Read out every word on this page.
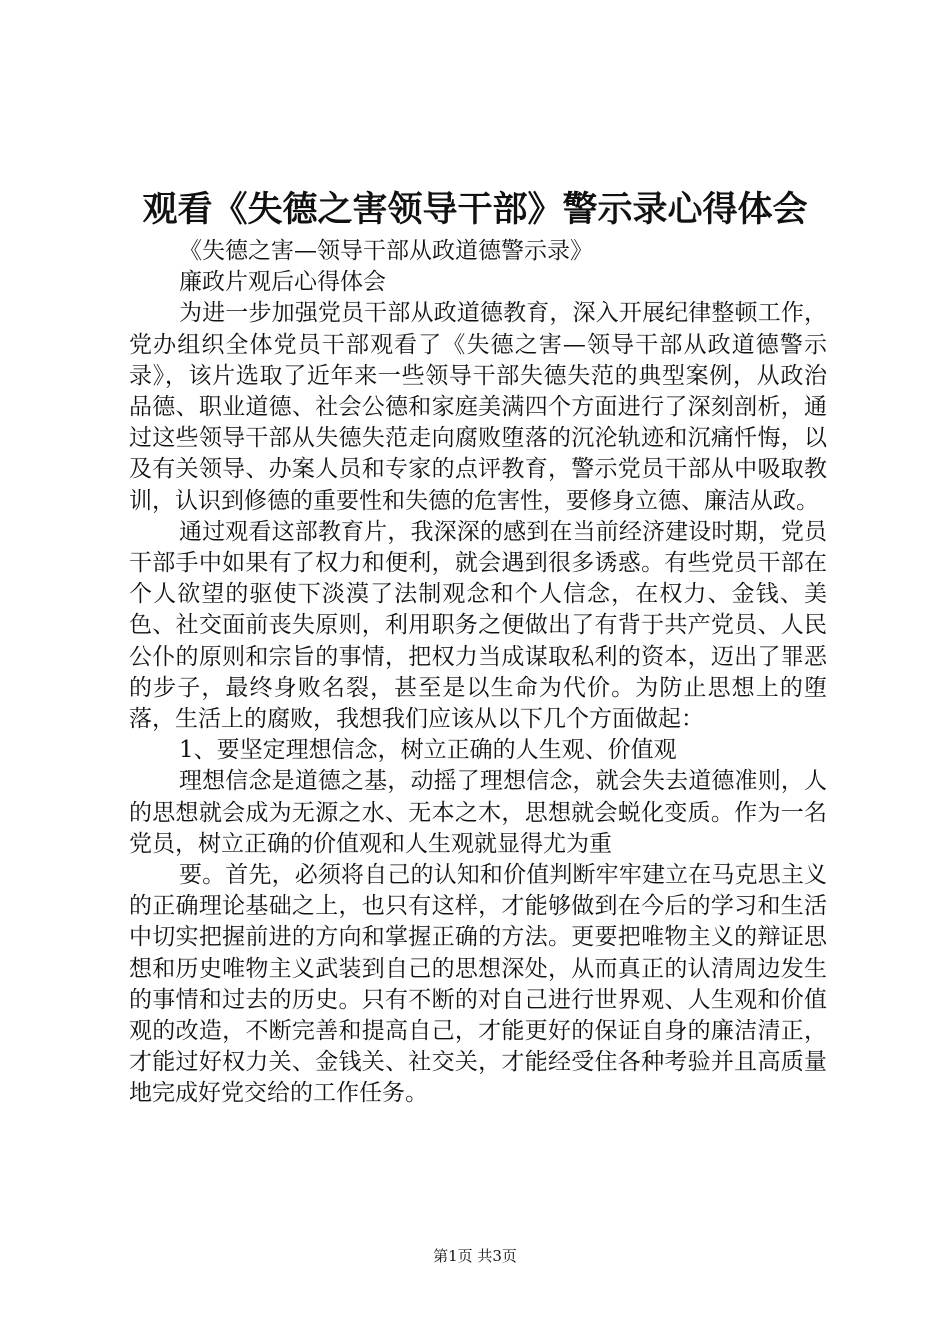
观看《失德之害领导干部》警示录心得体会

《失德之害—领导干部从政道德警示录》

廉政片观后心得体会

为进一步加强党员干部从政道德教育，深入开展纪律整顿工作，党办组织全体党员干部观看了《失德之害—领导干部从政道德警示录》，该片选取了近年来一些领导干部失德失范的典型案例，从政治品德、职业道德、社会公德和家庭美满四个方面进行了深刻剖析，通过这些领导干部从失德失范走向腐败堕落的沉沦轨迹和沉痛忏悔，以及有关领导、办案人员和专家的点评教育，警示党员干部从中吸取教训，认识到修德的重要性和失德的危害性，要修身立德、廉洁从政。

通过观看这部教育片，我深深的感到在当前经济建设时期，党员干部手中如果有了权力和便利，就会遇到很多诱惑。有些党员干部在个人欲望的驱使下淡漠了法制观念和个人信念，在权力、金钱、美色、社交面前丧失原则，利用职务之便做出了有背于共产党员、人民公仆的原则和宗旨的事情，把权力当成谋取私利的资本，迈出了罪恶的步子，最终身败名裂，甚至是以生命为代价。为防止思想上的堕落，生活上的腐败，我想我们应该从以下几个方面做起：

1、要坚定理想信念，树立正确的人生观、价值观

理想信念是道德之基，动摇了理想信念，就会失去道德准则，人的思想就会成为无源之水、无本之木，思想就会蜕化变质。作为一名党员，树立正确的价值观和人生观就显得尤为重

要。首先，必须将自己的认知和价值判断牢牢建立在马克思主义的正确理论基础之上，也只有这样，才能够做到在今后的学习和生活中切实把握前进的方向和掌握正确的方法。更要把唯物主义的辩证思想和历史唯物主义武装到自己的思想深处，从而真正的认清周边发生的事情和过去的历史。只有不断的对自己进行世界观、人生观和价值观的改造，不断完善和提高自己，才能更好的保证自身的廉洁清正，才能过好权力关、金钱关、社交关，才能经受住各种考验并且高质量地完成好党交给的工作任务。

第1页 共3页
